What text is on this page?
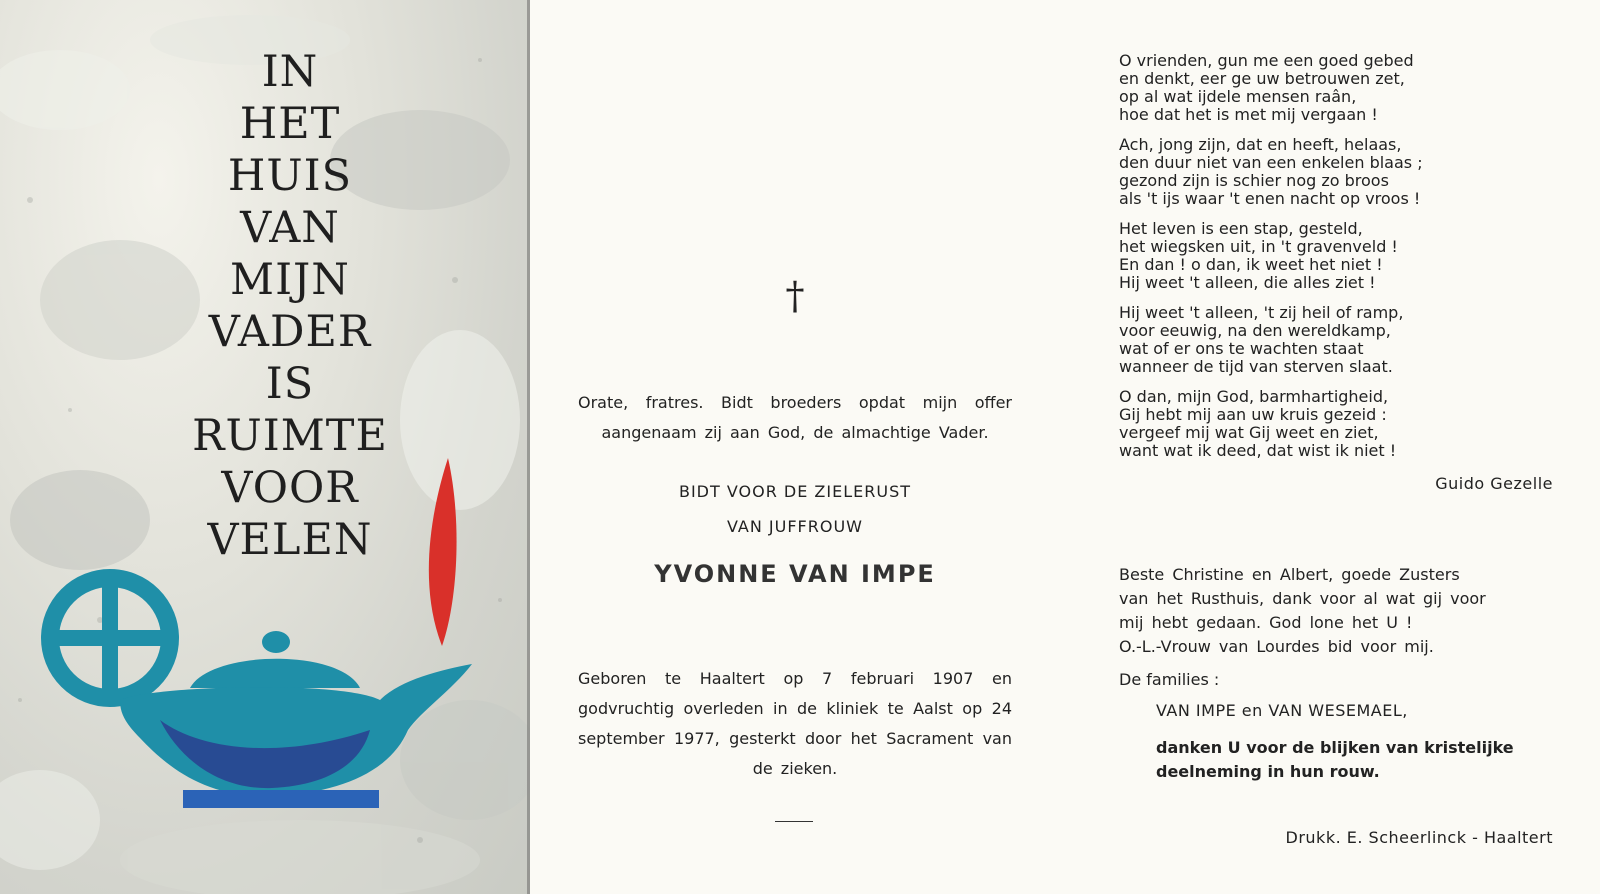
IN
HET
HUIS
VAN
MIJN
VADER
IS
RUIMTE
VOOR
VELEN
†

Orate, fratres. Bidt broeders opdat mijn offer aangenaam zij aan God, de almachtige Vader.

BIDT VOOR DE ZIELERUST
VAN JUFFROUW
YVONNE VAN IMPE

Geboren te Haaltert op 7 februari 1907 en godvruchtig overleden in de kliniek te Aalst op 24 september 1977, gesterkt door het Sacrament van de zieken.

O vrienden, gun me een goed gebed
en denkt, eer ge uw betrouwen zet,
op al wat ijdele mensen raân,
hoe dat het is met mij vergaan !
Ach, jong zijn, dat en heeft, helaas,
den duur niet van een enkelen blaas ;
gezond zijn is schier nog zo broos
als 't ijs waar 't enen nacht op vroos !
Het leven is een stap, gesteld,
het wiegsken uit, in 't gravenveld !
En dan ! o dan, ik weet het niet !
Hij weet 't alleen, die alles ziet !
Hij weet 't alleen, 't zij heil of ramp,
voor eeuwig, na den wereldkamp,
wat of er ons te wachten staat
wanneer de tijd van sterven slaat.
O dan, mijn God, barmhartigheid,
Gij hebt mij aan uw kruis gezeid :
vergeef mij wat Gij weet en ziet,
want wat ik deed, dat wist ik niet !
Guido Gezelle
Beste Christine en Albert, goede Zusters
van het Rusthuis, dank voor al wat gij voor
mij hebt gedaan. God lone het U !
O.-L.-Vrouw van Lourdes bid voor mij.
De families :
VAN IMPE en VAN WESEMAEL,
danken U voor de blijken van kristelijke
deelneming in hun rouw.
Drukk. E. Scheerlinck - Haaltert
